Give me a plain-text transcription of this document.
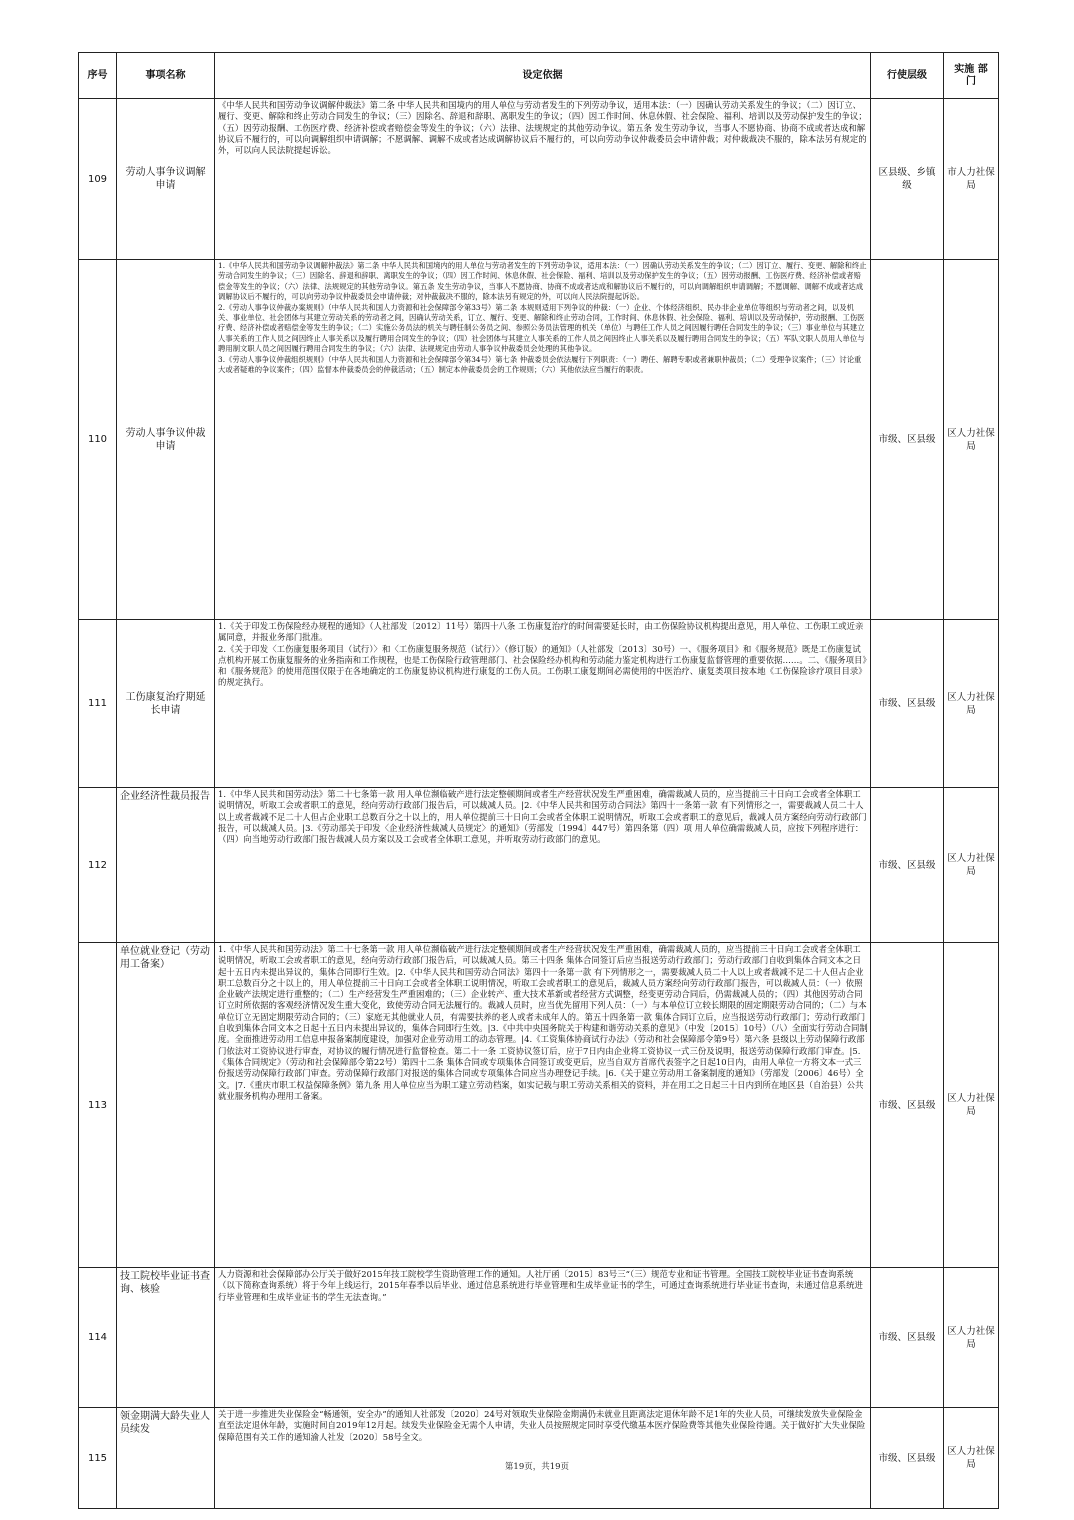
序号	事项名称	设定依据	行使层级	实施 部门
109	劳动人事争议调解申请	《中华人民共和国劳动争议调解仲裁法》第二条 中华人民共和国境内的用人单位与劳动者发生的下列劳动争议，适用本法：（一）因确认劳动关系发生的争议；（二）因订立、履行、变更、解除和终止劳动合同发生的争议；（三）因除名、辞退和辞职、离职发生的争议；（四）因工作时间、休息休假、社会保险、福利、培训以及劳动保护发生的争议；（五）因劳动报酬、工伤医疗费、经济补偿或者赔偿金等发生的争议；（六）法律、法规规定的其他劳动争议。第五条 发生劳动争议，当事人不愿协商、协商不成或者达成和解协议后不履行的，可以向调解组织申请调解；不愿调解、调解不成或者达成调解协议后不履行的，可以向劳动争议仲裁委员会申请仲裁；对仲裁裁决不服的，除本法另有规定的外，可以向人民法院提起诉讼。	区县级、乡镇级	市人力社保局
110	劳动人事争议仲裁申请	1.《中华人民共和国劳动争议调解仲裁法》第二条 中华人民共和国境内的用人单位与劳动者发生的下列劳动争议，适用本法：（一）因确认劳动关系发生的争议；（二）因订立、履行、变更、解除和终止劳动合同发生的争议；（三）因除名、辞退和辞职、离职发生的争议；（四）因工作时间、休息休假、社会保险、福利、培训以及劳动保护发生的争议；（五）因劳动报酬、工伤医疗费、经济补偿或者赔偿金等发生的争议；（六）法律、法规规定的其他劳动争议。第五条 发生劳动争议，当事人不愿协商、协商不成或者达成和解协议后不履行的，可以向调解组织申请调解；不愿调解、调解不成或者达成调解协议后不履行的，可以向劳动争议仲裁委员会申请仲裁；对仲裁裁决不服的，除本法另有规定的外，可以向人民法院提起诉讼。
2.《劳动人事争议仲裁办案规则》（中华人民共和国人力资源和社会保障部令第33号）第二条 本规则适用下列争议的仲裁：（一）企业、个体经济组织、民办非企业单位等组织与劳动者之间，以及机关、事业单位、社会团体与其建立劳动关系的劳动者之间，因确认劳动关系，订立、履行、变更、解除和终止劳动合同，工作时间、休息休假、社会保险、福利、培训以及劳动保护，劳动报酬、工伤医疗费、经济补偿或者赔偿金等发生的争议；（二）实施公务员法的机关与聘任制公务员之间、参照公务员法管理的机关（单位）与聘任工作人员之间因履行聘任合同发生的争议；（三）事业单位与其建立人事关系的工作人员之间因终止人事关系以及履行聘用合同发生的争议；（四）社会团体与其建立人事关系的工作人员之间因终止人事关系以及履行聘用合同发生的争议；（五）军队文职人员用人单位与聘用制文职人员之间因履行聘用合同发生的争议；（六）法律、法规规定由劳动人事争议仲裁委员会处理的其他争议。
3.《劳动人事争议仲裁组织规则》（中华人民共和国人力资源和社会保障部令第34号）第七条 仲裁委员会依法履行下列职责：（一）聘任、解聘专职或者兼职仲裁员；（二）受理争议案件；（三）讨论重大或者疑难的争议案件；（四）监督本仲裁委员会的仲裁活动；（五）制定本仲裁委员会的工作规则；（六）其他依法应当履行的职责。	市级、区县级	区人力社保局
111	工伤康复治疗期延长申请	1.《关于印发工伤保险经办规程的通知》（人社部发〔2012〕11号）第四十八条 工伤康复治疗的时间需要延长时，由工伤保险协议机构提出意见，用人单位、工伤职工或近亲属同意，并报业务部门批准。
2.《关于印发〈工伤康复服务项目（试行）〉和〈工伤康复服务规范（试行）〉（修订版）的通知》（人社部发〔2013〕30号）一、《服务项目》和《服务规范》既是工伤康复试点机构开展工伤康复服务的业务指南和工作规程，也是工伤保险行政管理部门、社会保险经办机构和劳动能力鉴定机构进行工伤康复监督管理的重要依据……。二、《服务项目》和《服务规范》的使用范围仅限于在各地确定的工伤康复协议机构进行康复的工伤人员。工伤职工康复期间必需使用的中医治疗、康复类项目按本地《工伤保险诊疗项目目录》的规定执行。	市级、区县级	区人力社保局
112	企业经济性裁员报告	1.《中华人民共和国劳动法》第二十七条第一款 用人单位濒临破产进行法定整顿期间或者生产经营状况发生严重困难，确需裁减人员的，应当提前三十日向工会或者全体职工说明情况，听取工会或者职工的意见，经向劳动行政部门报告后，可以裁减人员。|2.《中华人民共和国劳动合同法》第四十一条第一款 有下列情形之一，需要裁减人员二十人以上或者裁减不足二十人但占企业职工总数百分之十以上的，用人单位提前三十日向工会或者全体职工说明情况，听取工会或者职工的意见后，裁减人员方案经向劳动行政部门报告，可以裁减人员。|3.《劳动部关于印发〈企业经济性裁减人员规定〉的通知》（劳部发〔1994〕447号）第四条第（四）项 用人单位确需裁减人员，应按下列程序进行：（四）向当地劳动行政部门报告裁减人员方案以及工会或者全体职工意见，并听取劳动行政部门的意见。	市级、区县级	区人力社保局
113	单位就业登记（劳动用工备案）	1.《中华人民共和国劳动法》第二十七条第一款 用人单位濒临破产进行法定整顿期间或者生产经营状况发生严重困难，确需裁减人员的，应当提前三十日向工会或者全体职工说明情况，听取工会或者职工的意见，经向劳动行政部门报告后，可以裁减人员。第三十四条 集体合同签订后应当报送劳动行政部门；劳动行政部门自收到集体合同文本之日起十五日内未提出异议的，集体合同即行生效。|2.《中华人民共和国劳动合同法》第四十一条第一款 有下列情形之一，需要裁减人员二十人以上或者裁减不足二十人但占企业职工总数百分之十以上的，用人单位提前三十日向工会或者全体职工说明情况，听取工会或者职工的意见后，裁减人员方案经向劳动行政部门报告，可以裁减人员：（一）依照企业破产法规定进行重整的；（二）生产经营发生严重困难的；（三）企业转产、重大技术革新或者经营方式调整，经变更劳动合同后，仍需裁减人员的；（四）其他因劳动合同订立时所依据的客观经济情况发生重大变化，致使劳动合同无法履行的。裁减人员时，应当优先留用下列人员：（一）与本单位订立较长期限的固定期限劳动合同的；（二）与本单位订立无固定期限劳动合同的；（三）家庭无其他就业人员，有需要扶养的老人或者未成年人的。第五十四条第一款 集体合同订立后，应当报送劳动行政部门；劳动行政部门自收到集体合同文本之日起十五日内未提出异议的，集体合同即行生效。|3.《中共中央国务院关于构建和谐劳动关系的意见》（中发〔2015〕10号）（八）全面实行劳动合同制度。全面推进劳动用工信息申报备案制度建设，加强对企业劳动用工的动态管理。|4.《工资集体协商试行办法》（劳动和社会保障部令第9号）第六条 县级以上劳动保障行政部门依法对工资协议进行审查，对协议的履行情况进行监督检查。第二十一条 工资协议签订后，应于7日内由企业将工资协议一式三份及说明，报送劳动保障行政部门审查。|5.《集体合同规定》（劳动和社会保障部令第22号）第四十二条 集体合同或专项集体合同签订或变更后，应当自双方首席代表签字之日起10日内，由用人单位一方将文本一式三份报送劳动保障行政部门审查。劳动保障行政部门对报送的集体合同或专项集体合同应当办理登记手续。|6.《关于建立劳动用工备案制度的通知》（劳部发〔2006〕46号）全文。|7.《重庆市职工权益保障条例》第九条 用人单位应当为职工建立劳动档案，如实记载与职工劳动关系相关的资料，并在用工之日起三十日内到所在地区县（自治县）公共就业服务机构办理用工备案。	市级、区县级	区人力社保局
114	技工院校毕业证书查询、核验	人力资源和社会保障部办公厅关于做好2015年技工院校学生资助管理工作的通知。人社厅函〔2015〕83号三“（三）规范专业和证书管理。全国技工院校毕业证书查询系统（以下简称查询系统）将于今年上线运行，2015年春季以后毕业、通过信息系统进行毕业管理和生成毕业证书的学生，可通过查询系统进行毕业证书查询，未通过信息系统进行毕业管理和生成毕业证书的学生无法查询。”	市级、区县级	区人力社保局
115	领金期满大龄失业人员续发	关于进一步推进失业保险金“畅通领，安全办”的通知人社部发〔2020〕24号对领取失业保险金期满仍未就业且距离法定退休年龄不足1年的失业人员，可继续发放失业保险金直至法定退休年龄，实施时间自2019年12月起。续发失业保险金无需个人申请，失业人员按照规定同时享受代缴基本医疗保险费等其他失业保险待遇。关于做好扩大失业保险保障范围有关工作的通知渝人社发〔2020〕58号全文。	市级、区县级	区人力社保局
第19页，共19页
